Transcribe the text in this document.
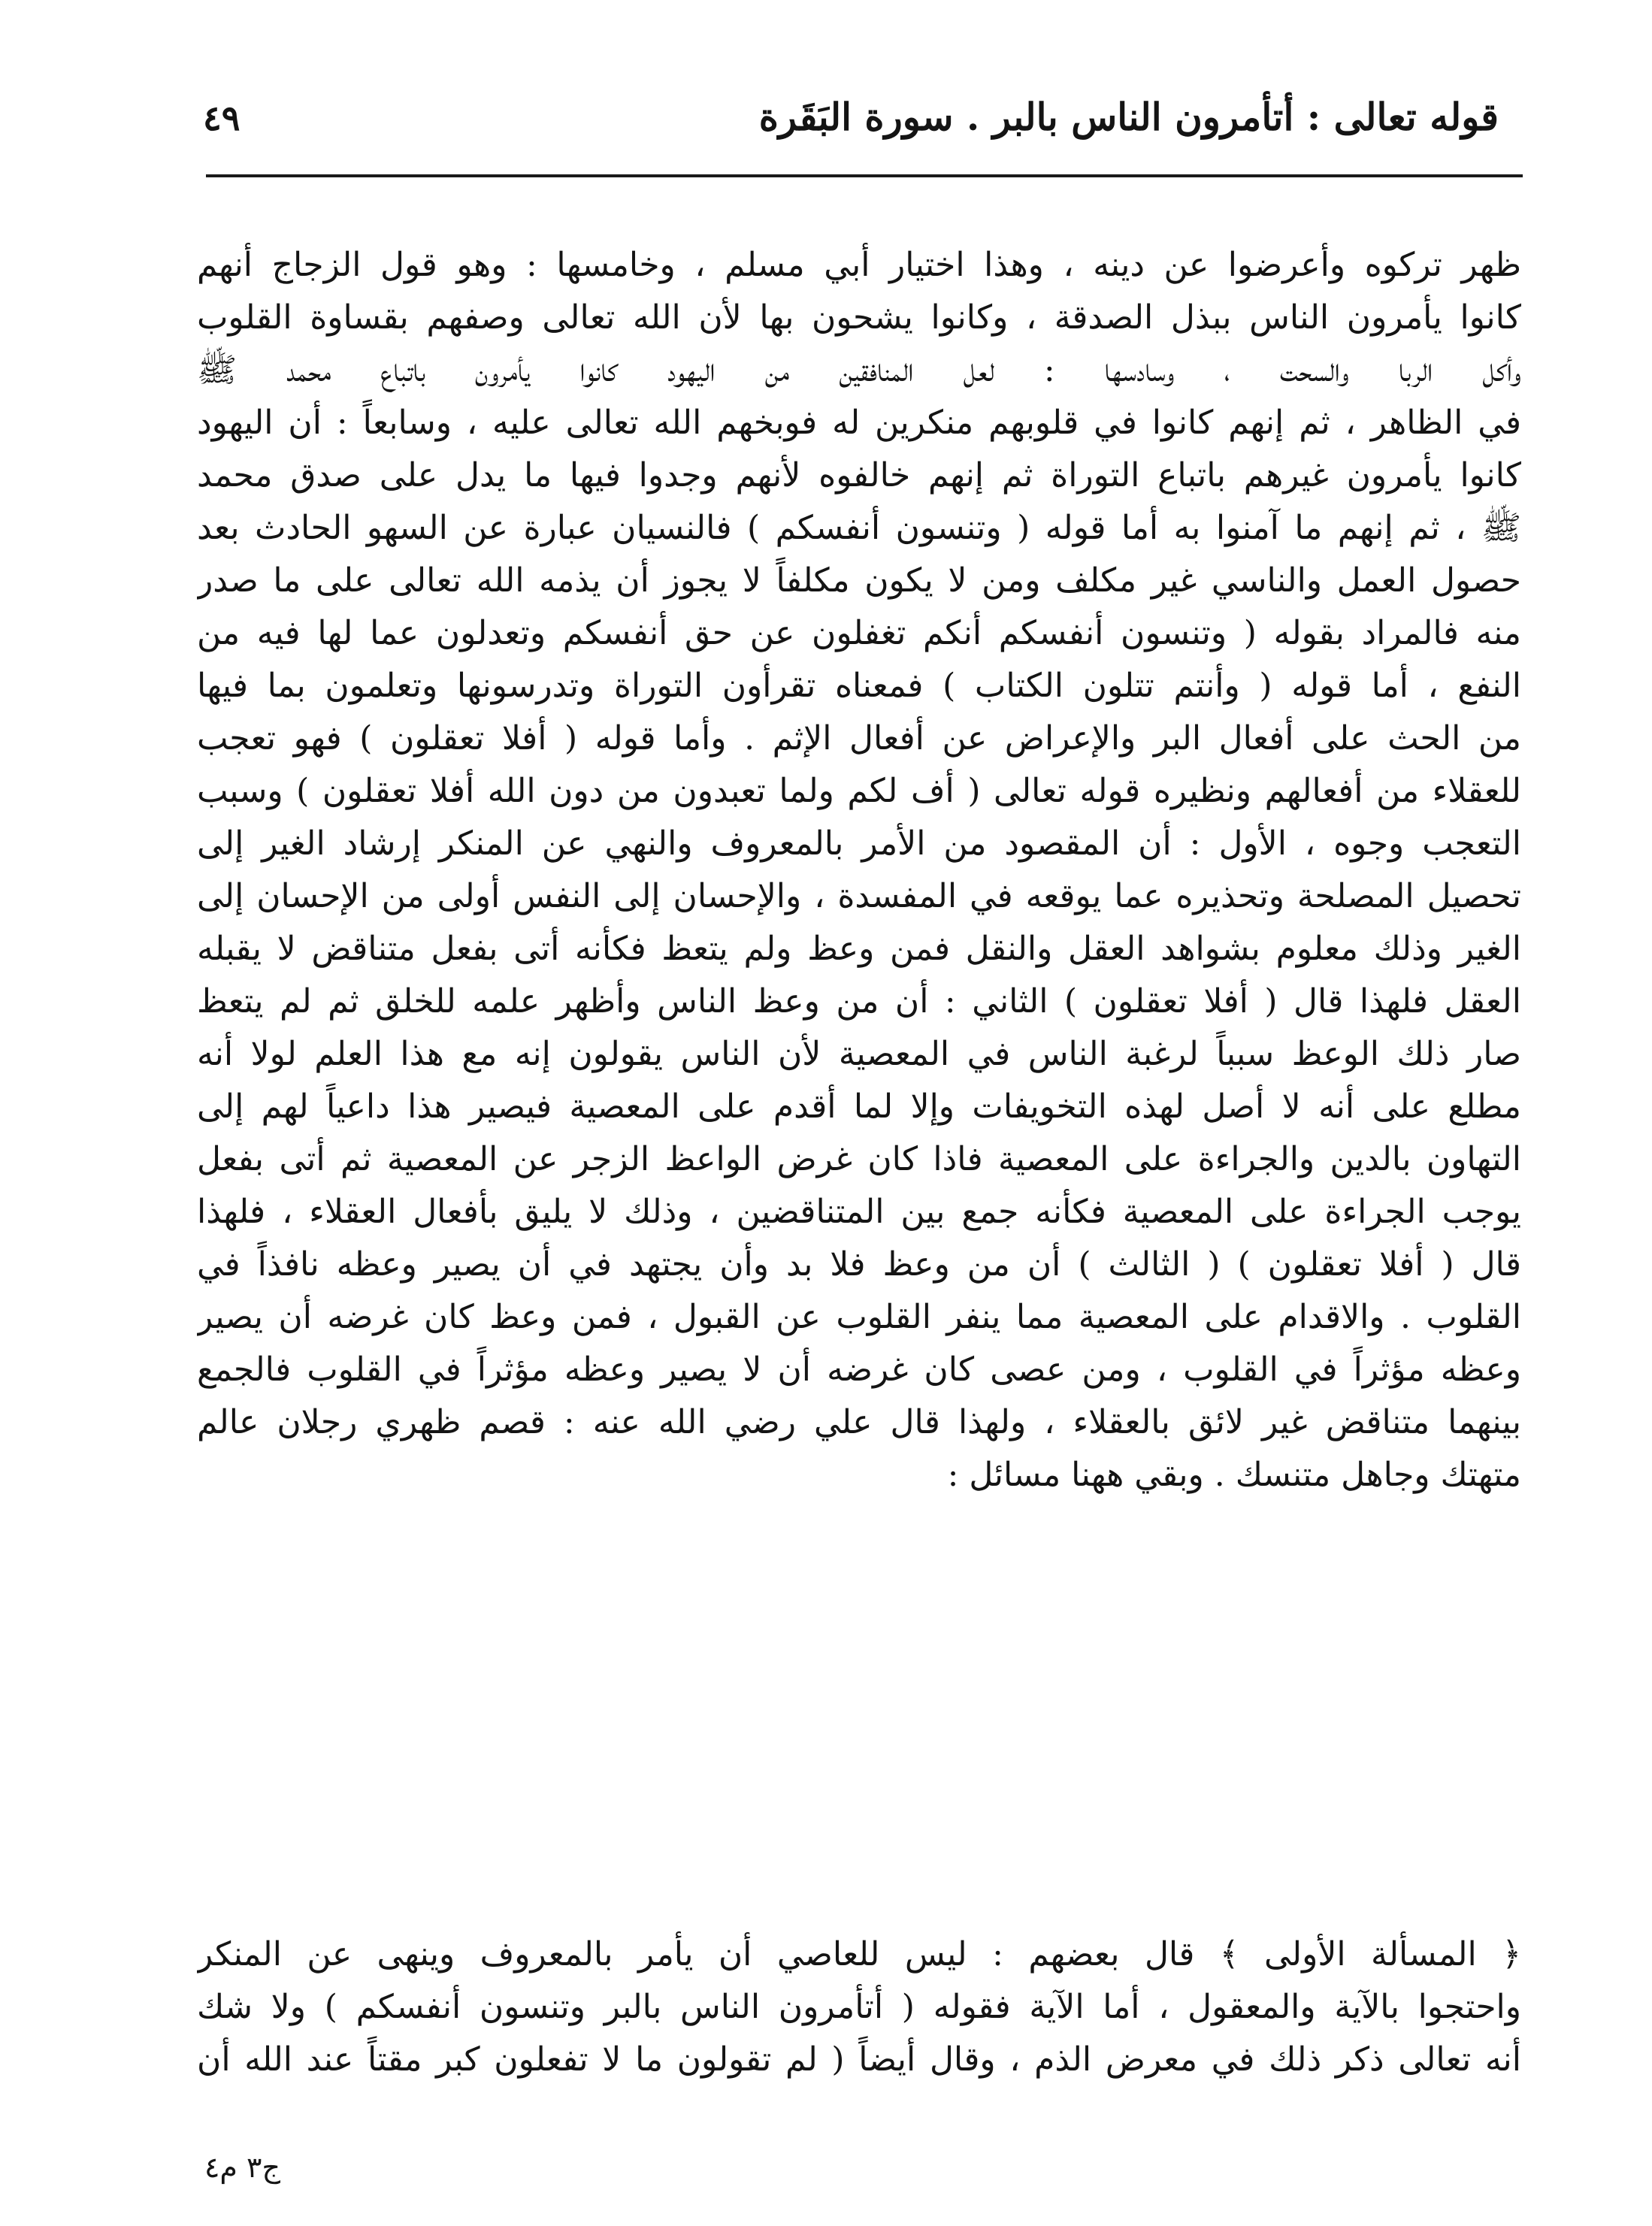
قوله تعالى : أتأمرون الناس بالبر . سورة البَقَرة
٤٩
ظهر تركوه وأعرضوا عن دينه ، وهذا اختيار أبي مسلم ، وخامسها : وهو قول الزجاج أنهم
كانوا يأمرون الناس ببذل الصدقة ، وكانوا يشحون بها لأن الله تعالى وصفهم بقساوة القلوب
وأكل الربا والسحت ، وسادسها : لعل المنافقين من اليهود كانوا يأمرون باتباع محمد ﷺ
في الظاهر ، ثم إنهم كانوا في قلوبهم منكرين له فوبخهم الله تعالى عليه ، وسابعاً : أن اليهود
كانوا يأمرون غيرهم باتباع التوراة ثم إنهم خالفوه لأنهم وجدوا فيها ما يدل على صدق محمد
ﷺ ، ثم إنهم ما آمنوا به أما قوله ( وتنسون أنفسكم ) فالنسيان عبارة عن السهو الحادث بعد
حصول العمل والناسي غير مكلف ومن لا يكون مكلفاً لا يجوز أن يذمه الله تعالى على ما صدر
منه فالمراد بقوله ( وتنسون أنفسكم أنكم تغفلون عن حق أنفسكم وتعدلون عما لها فيه من
النفع ، أما قوله ( وأنتم تتلون الكتاب ) فمعناه تقرأون التوراة وتدرسونها وتعلمون بما فيها
من الحث على أفعال البر والإعراض عن أفعال الإثم . وأما قوله ( أفلا تعقلون ) فهو تعجب
للعقلاء من أفعالهم ونظيره قوله تعالى ( أف لكم ولما تعبدون من دون الله أفلا تعقلون ) وسبب
التعجب وجوه ، الأول : أن المقصود من الأمر بالمعروف والنهي عن المنكر إرشاد الغير إلى
تحصيل المصلحة وتحذيره عما يوقعه في المفسدة ، والإحسان إلى النفس أولى من الإحسان إلى
الغير وذلك معلوم بشواهد العقل والنقل فمن وعظ ولم يتعظ فكأنه أتى بفعل متناقض لا يقبله
العقل فلهذا قال ( أفلا تعقلون ) الثاني : أن من وعظ الناس وأظهر علمه للخلق ثم لم يتعظ
صار ذلك الوعظ سبباً لرغبة الناس في المعصية لأن الناس يقولون إنه مع هذا العلم لولا أنه
مطلع على أنه لا أصل لهذه التخويفات وإلا لما أقدم على المعصية فيصير هذا داعياً لهم إلى
التهاون بالدين والجراءة على المعصية فاذا كان غرض الواعظ الزجر عن المعصية ثم أتى بفعل
يوجب الجراءة على المعصية فكأنه جمع بين المتناقضين ، وذلك لا يليق بأفعال العقلاء ، فلهذا
قال ( أفلا تعقلون ) ( الثالث ) أن من وعظ فلا بد وأن يجتهد في أن يصير وعظه نافذاً في
القلوب . والاقدام على المعصية مما ينفر القلوب عن القبول ، فمن وعظ كان غرضه أن يصير
وعظه مؤثراً في القلوب ، ومن عصى كان غرضه أن لا يصير وعظه مؤثراً في القلوب فالجمع
بينهما متناقض غير لائق بالعقلاء ، ولهذا قال علي رضي الله عنه : قصم ظهري رجلان عالم
متهتك وجاهل متنسك . وبقي ههنا مسائل :
﴿ المسألة الأولى ﴾ قال بعضهم : ليس للعاصي أن يأمر بالمعروف وينهى عن المنكر
واحتجوا بالآية والمعقول ، أما الآية فقوله ( أتأمرون الناس بالبر وتنسون أنفسكم ) ولا شك
أنه تعالى ذكر ذلك في معرض الذم ، وقال أيضاً ( لم تقولون ما لا تفعلون كبر مقتاً عند الله أن
ج٣ م٤
